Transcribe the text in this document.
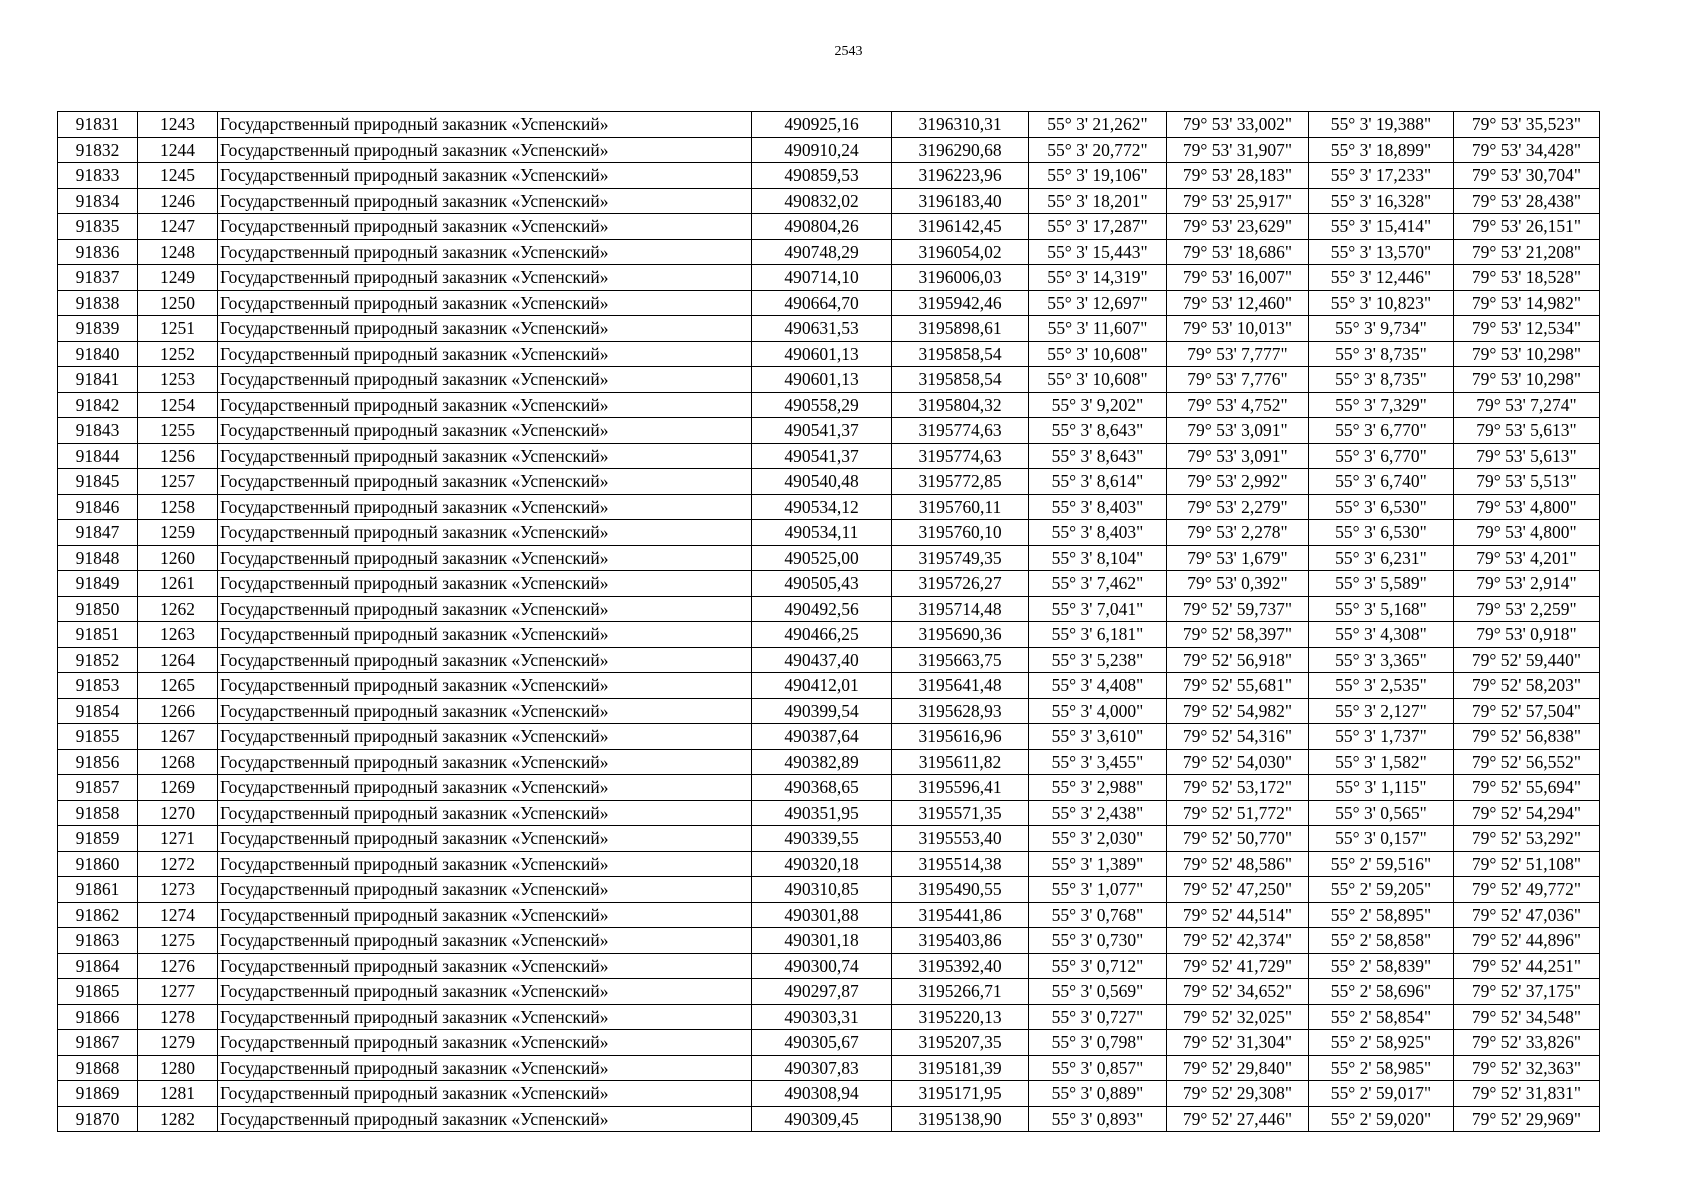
2543
91831	1243	Государственный природный заказник «Успенский»	490925,16	3196310,31	55° 3' 21,262"	79° 53' 33,002"	55° 3' 19,388"	79° 53' 35,523"
91832	1244	Государственный природный заказник «Успенский»	490910,24	3196290,68	55° 3' 20,772"	79° 53' 31,907"	55° 3' 18,899"	79° 53' 34,428"
91833	1245	Государственный природный заказник «Успенский»	490859,53	3196223,96	55° 3' 19,106"	79° 53' 28,183"	55° 3' 17,233"	79° 53' 30,704"
91834	1246	Государственный природный заказник «Успенский»	490832,02	3196183,40	55° 3' 18,201"	79° 53' 25,917"	55° 3' 16,328"	79° 53' 28,438"
91835	1247	Государственный природный заказник «Успенский»	490804,26	3196142,45	55° 3' 17,287"	79° 53' 23,629"	55° 3' 15,414"	79° 53' 26,151"
91836	1248	Государственный природный заказник «Успенский»	490748,29	3196054,02	55° 3' 15,443"	79° 53' 18,686"	55° 3' 13,570"	79° 53' 21,208"
91837	1249	Государственный природный заказник «Успенский»	490714,10	3196006,03	55° 3' 14,319"	79° 53' 16,007"	55° 3' 12,446"	79° 53' 18,528"
91838	1250	Государственный природный заказник «Успенский»	490664,70	3195942,46	55° 3' 12,697"	79° 53' 12,460"	55° 3' 10,823"	79° 53' 14,982"
91839	1251	Государственный природный заказник «Успенский»	490631,53	3195898,61	55° 3' 11,607"	79° 53' 10,013"	55° 3' 9,734"	79° 53' 12,534"
91840	1252	Государственный природный заказник «Успенский»	490601,13	3195858,54	55° 3' 10,608"	79° 53' 7,777"	55° 3' 8,735"	79° 53' 10,298"
91841	1253	Государственный природный заказник «Успенский»	490601,13	3195858,54	55° 3' 10,608"	79° 53' 7,776"	55° 3' 8,735"	79° 53' 10,298"
91842	1254	Государственный природный заказник «Успенский»	490558,29	3195804,32	55° 3' 9,202"	79° 53' 4,752"	55° 3' 7,329"	79° 53' 7,274"
91843	1255	Государственный природный заказник «Успенский»	490541,37	3195774,63	55° 3' 8,643"	79° 53' 3,091"	55° 3' 6,770"	79° 53' 5,613"
91844	1256	Государственный природный заказник «Успенский»	490541,37	3195774,63	55° 3' 8,643"	79° 53' 3,091"	55° 3' 6,770"	79° 53' 5,613"
91845	1257	Государственный природный заказник «Успенский»	490540,48	3195772,85	55° 3' 8,614"	79° 53' 2,992"	55° 3' 6,740"	79° 53' 5,513"
91846	1258	Государственный природный заказник «Успенский»	490534,12	3195760,11	55° 3' 8,403"	79° 53' 2,279"	55° 3' 6,530"	79° 53' 4,800"
91847	1259	Государственный природный заказник «Успенский»	490534,11	3195760,10	55° 3' 8,403"	79° 53' 2,278"	55° 3' 6,530"	79° 53' 4,800"
91848	1260	Государственный природный заказник «Успенский»	490525,00	3195749,35	55° 3' 8,104"	79° 53' 1,679"	55° 3' 6,231"	79° 53' 4,201"
91849	1261	Государственный природный заказник «Успенский»	490505,43	3195726,27	55° 3' 7,462"	79° 53' 0,392"	55° 3' 5,589"	79° 53' 2,914"
91850	1262	Государственный природный заказник «Успенский»	490492,56	3195714,48	55° 3' 7,041"	79° 52' 59,737"	55° 3' 5,168"	79° 53' 2,259"
91851	1263	Государственный природный заказник «Успенский»	490466,25	3195690,36	55° 3' 6,181"	79° 52' 58,397"	55° 3' 4,308"	79° 53' 0,918"
91852	1264	Государственный природный заказник «Успенский»	490437,40	3195663,75	55° 3' 5,238"	79° 52' 56,918"	55° 3' 3,365"	79° 52' 59,440"
91853	1265	Государственный природный заказник «Успенский»	490412,01	3195641,48	55° 3' 4,408"	79° 52' 55,681"	55° 3' 2,535"	79° 52' 58,203"
91854	1266	Государственный природный заказник «Успенский»	490399,54	3195628,93	55° 3' 4,000"	79° 52' 54,982"	55° 3' 2,127"	79° 52' 57,504"
91855	1267	Государственный природный заказник «Успенский»	490387,64	3195616,96	55° 3' 3,610"	79° 52' 54,316"	55° 3' 1,737"	79° 52' 56,838"
91856	1268	Государственный природный заказник «Успенский»	490382,89	3195611,82	55° 3' 3,455"	79° 52' 54,030"	55° 3' 1,582"	79° 52' 56,552"
91857	1269	Государственный природный заказник «Успенский»	490368,65	3195596,41	55° 3' 2,988"	79° 52' 53,172"	55° 3' 1,115"	79° 52' 55,694"
91858	1270	Государственный природный заказник «Успенский»	490351,95	3195571,35	55° 3' 2,438"	79° 52' 51,772"	55° 3' 0,565"	79° 52' 54,294"
91859	1271	Государственный природный заказник «Успенский»	490339,55	3195553,40	55° 3' 2,030"	79° 52' 50,770"	55° 3' 0,157"	79° 52' 53,292"
91860	1272	Государственный природный заказник «Успенский»	490320,18	3195514,38	55° 3' 1,389"	79° 52' 48,586"	55° 2' 59,516"	79° 52' 51,108"
91861	1273	Государственный природный заказник «Успенский»	490310,85	3195490,55	55° 3' 1,077"	79° 52' 47,250"	55° 2' 59,205"	79° 52' 49,772"
91862	1274	Государственный природный заказник «Успенский»	490301,88	3195441,86	55° 3' 0,768"	79° 52' 44,514"	55° 2' 58,895"	79° 52' 47,036"
91863	1275	Государственный природный заказник «Успенский»	490301,18	3195403,86	55° 3' 0,730"	79° 52' 42,374"	55° 2' 58,858"	79° 52' 44,896"
91864	1276	Государственный природный заказник «Успенский»	490300,74	3195392,40	55° 3' 0,712"	79° 52' 41,729"	55° 2' 58,839"	79° 52' 44,251"
91865	1277	Государственный природный заказник «Успенский»	490297,87	3195266,71	55° 3' 0,569"	79° 52' 34,652"	55° 2' 58,696"	79° 52' 37,175"
91866	1278	Государственный природный заказник «Успенский»	490303,31	3195220,13	55° 3' 0,727"	79° 52' 32,025"	55° 2' 58,854"	79° 52' 34,548"
91867	1279	Государственный природный заказник «Успенский»	490305,67	3195207,35	55° 3' 0,798"	79° 52' 31,304"	55° 2' 58,925"	79° 52' 33,826"
91868	1280	Государственный природный заказник «Успенский»	490307,83	3195181,39	55° 3' 0,857"	79° 52' 29,840"	55° 2' 58,985"	79° 52' 32,363"
91869	1281	Государственный природный заказник «Успенский»	490308,94	3195171,95	55° 3' 0,889"	79° 52' 29,308"	55° 2' 59,017"	79° 52' 31,831"
91870	1282	Государственный природный заказник «Успенский»	490309,45	3195138,90	55° 3' 0,893"	79° 52' 27,446"	55° 2' 59,020"	79° 52' 29,969"
